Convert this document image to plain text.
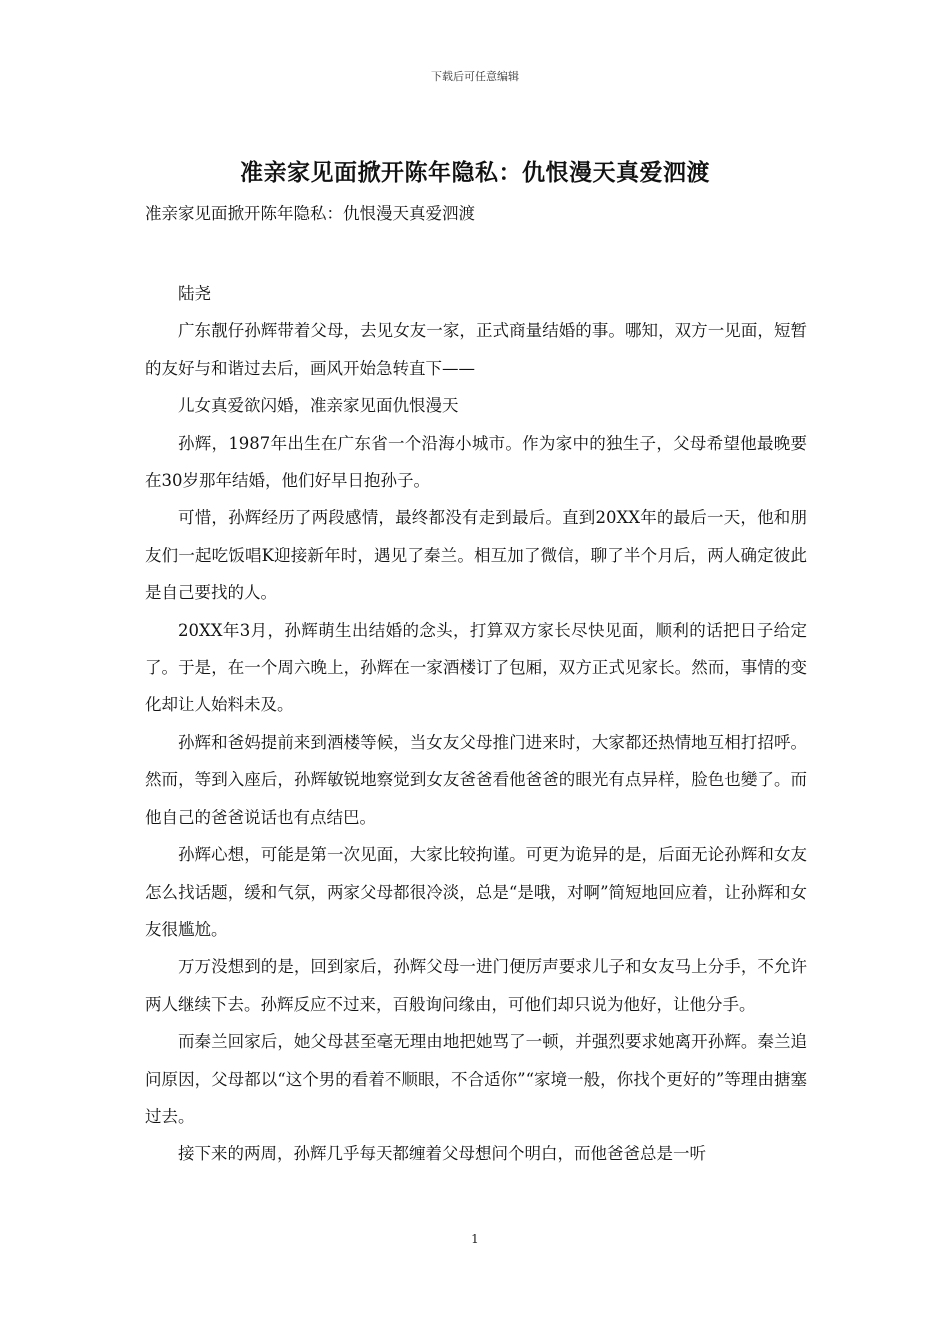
下载后可任意编辑
准亲家见面掀开陈年隐私：仇恨漫天真爱泗渡

准亲家见面掀开陈年隐私：仇恨漫天真爱泗渡

陆尧

广东靓仔孙辉带着父母，去见女友一家，正式商量结婚的事。哪知，双方一见面，短暂的友好与和谐过去后，画风开始急转直下——

儿女真爱欲闪婚，准亲家见面仇恨漫天

孙辉，1987年出生在广东省一个沿海小城市。作为家中的独生子，父母希望他最晚要在30岁那年结婚，他们好早日抱孙子。

可惜，孙辉经历了两段感情，最终都没有走到最后。直到20XX年的最后一天，他和朋友们一起吃饭唱K迎接新年时，遇见了秦兰。相互加了微信，聊了半个月后，两人确定彼此是自己要找的人。

20XX年3月，孙辉萌生出结婚的念头，打算双方家长尽快见面，顺利的话把日子给定了。于是，在一个周六晚上，孙辉在一家酒楼订了包厢，双方正式见家长。然而，事情的变化却让人始料未及。

孙辉和爸妈提前来到酒楼等候，当女友父母推门进来时，大家都还热情地互相打招呼。然而，等到入座后，孙辉敏锐地察觉到女友爸爸看他爸爸的眼光有点异样，脸色也變了。而他自己的爸爸说话也有点结巴。

孙辉心想，可能是第一次见面，大家比较拘谨。可更为诡异的是，后面无论孙辉和女友怎么找话题，缓和气氛，两家父母都很冷淡，总是“是哦，对啊”简短地回应着，让孙辉和女友很尴尬。

万万没想到的是，回到家后，孙辉父母一进门便厉声要求儿子和女友马上分手，不允许两人继续下去。孙辉反应不过来，百般询问缘由，可他们却只说为他好，让他分手。

而秦兰回家后，她父母甚至毫无理由地把她骂了一顿，并强烈要求她离开孙辉。秦兰追问原因，父母都以“这个男的看着不顺眼，不合适你”“家境一般，你找个更好的”等理由搪塞过去。

接下来的两周，孙辉几乎每天都缠着父母想问个明白，而他爸爸总是一听

1
